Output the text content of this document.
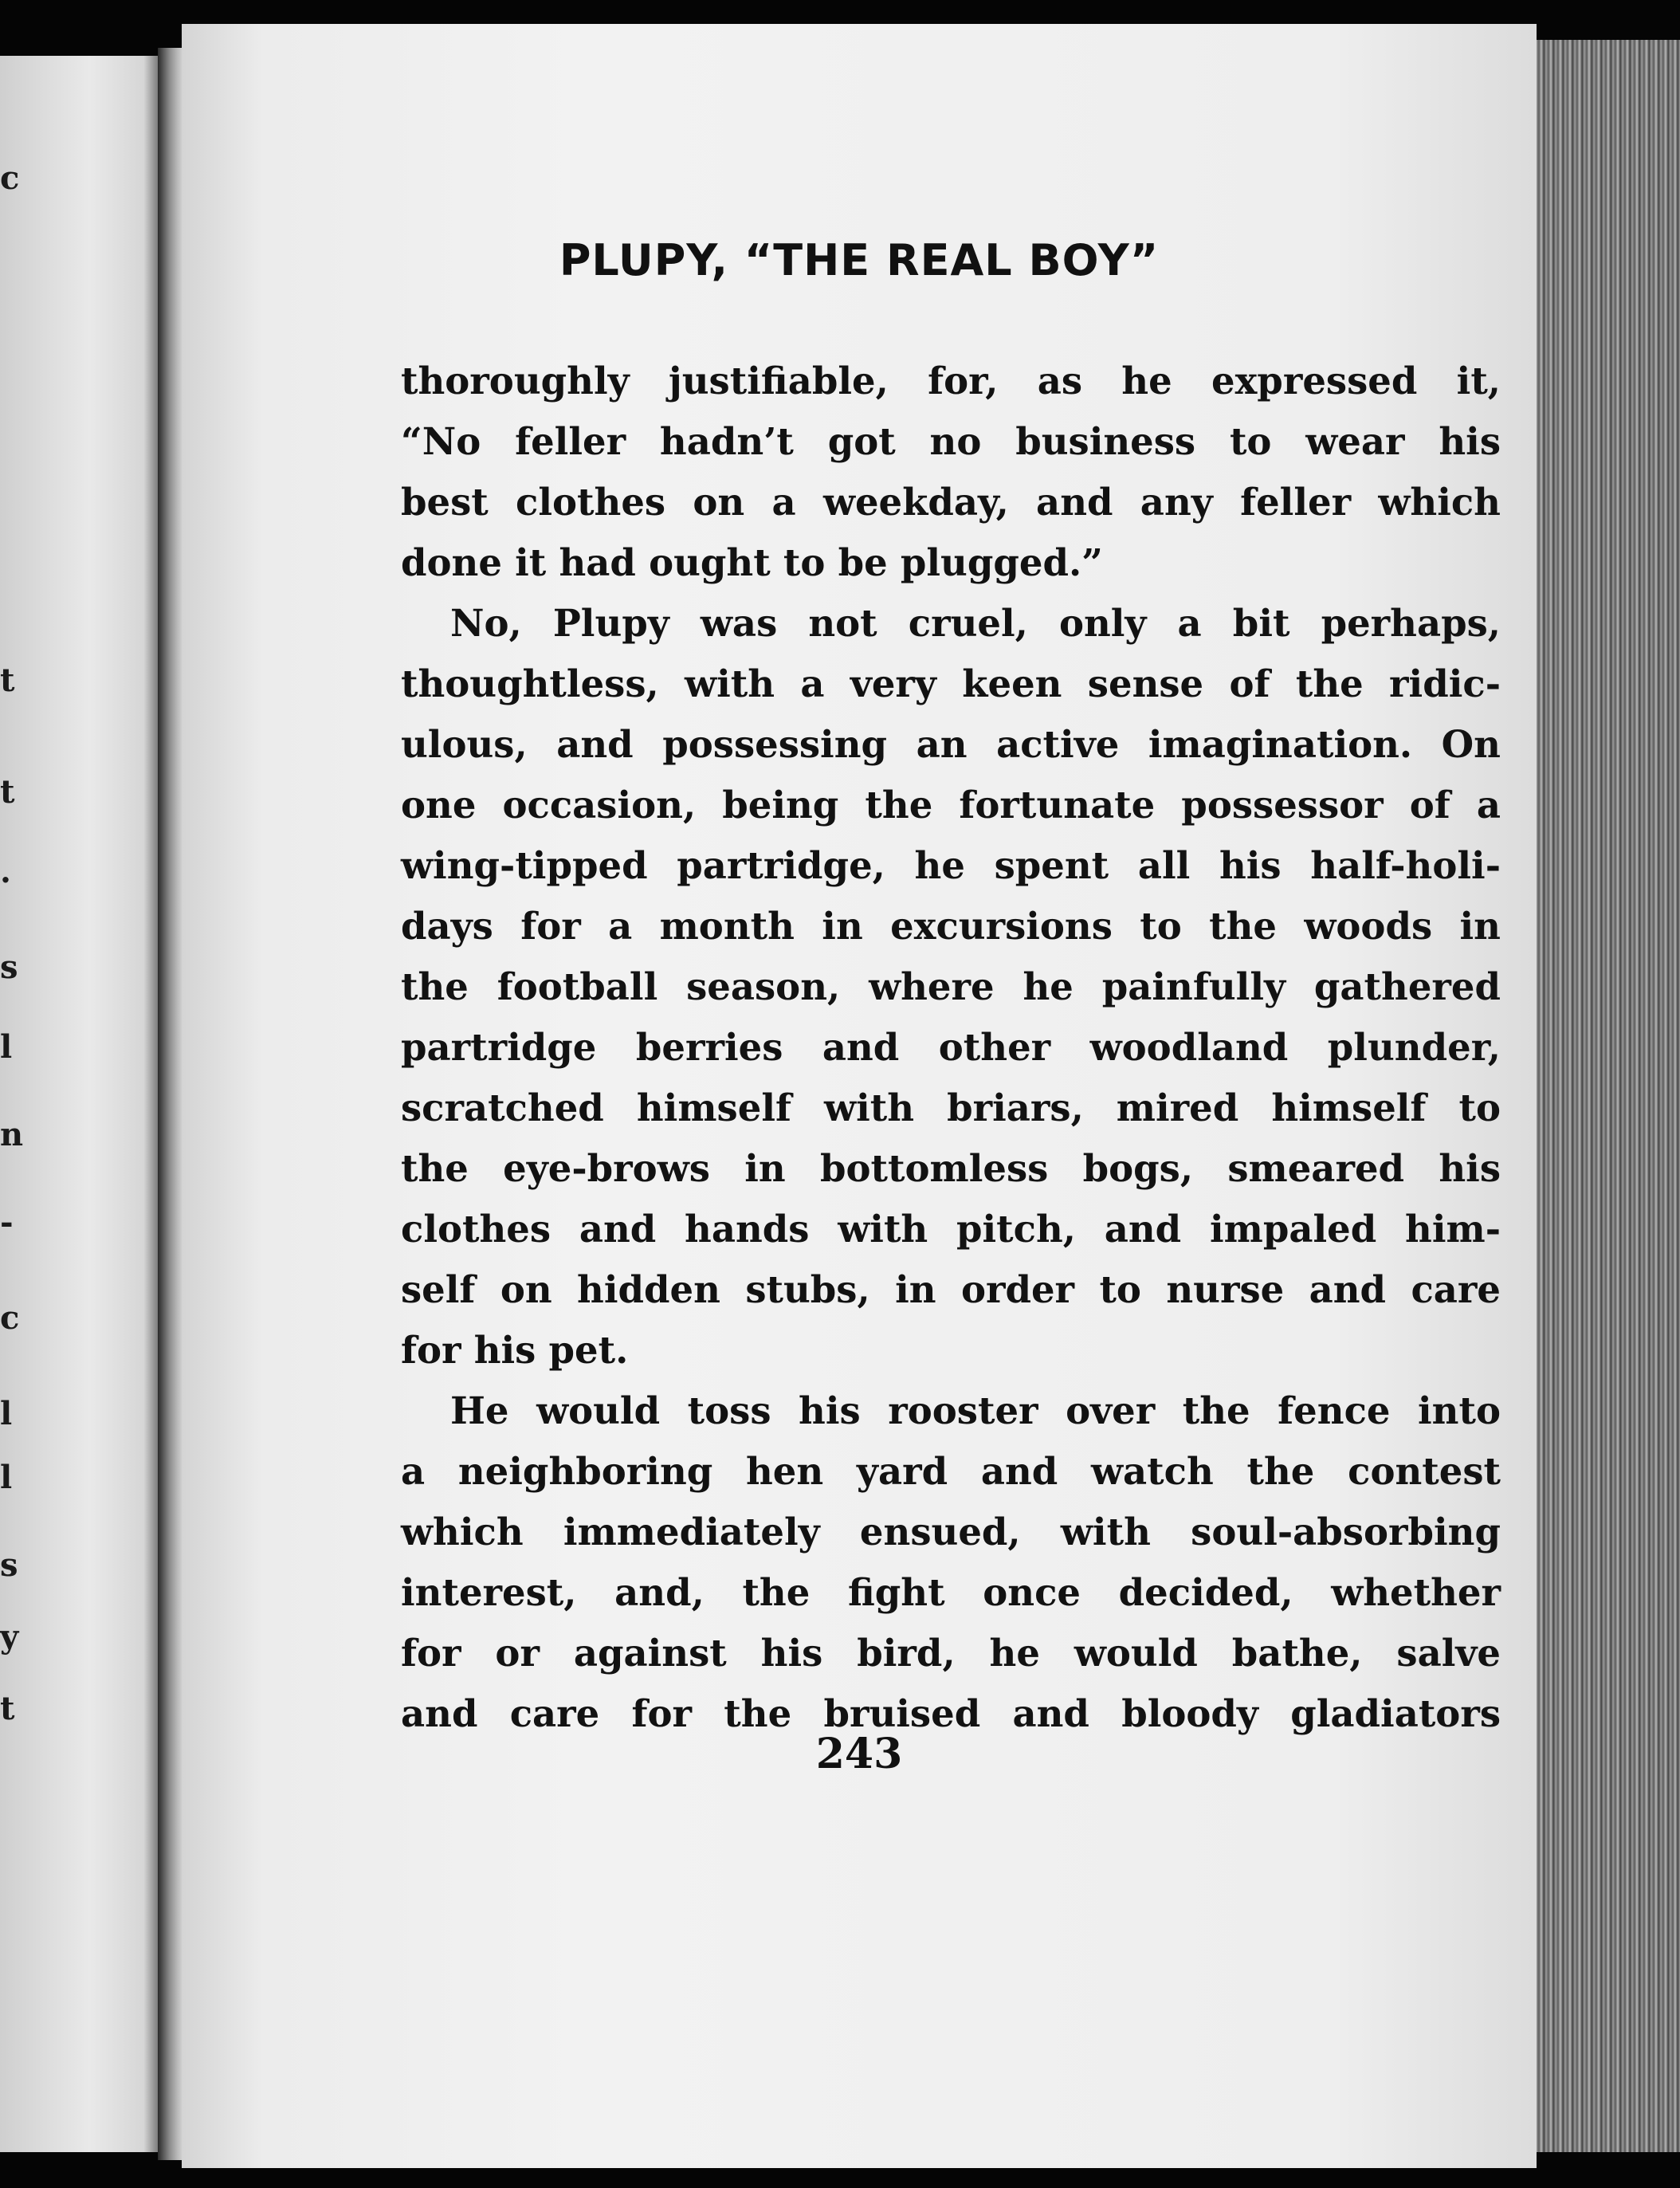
c
t
t
.
s
l
n
-
c
l
l
s
y
t
PLUPY, “THE REAL BOY”
thoroughly justifiable, for, as he expressed it,
“No feller hadn’t got no business to wear his
best clothes on a weekday, and any feller which
done it had ought to be plugged.”
No, Plupy was not cruel, only a bit perhaps,
thoughtless, with a very keen sense of the ridic-
ulous, and possessing an active imagination. On
one occasion, being the fortunate possessor of a
wing-tipped partridge, he spent all his half-holi-
days for a month in excursions to the woods in
the football season, where he painfully gathered
partridge berries and other woodland plunder,
scratched himself with briars, mired himself to
the eye-brows in bottomless bogs, smeared his
clothes and hands with pitch, and impaled him-
self on hidden stubs, in order to nurse and care
for his pet.
He would toss his rooster over the fence into
a neighboring hen yard and watch the contest
which immediately ensued, with soul-absorbing
interest, and, the fight once decided, whether
for or against his bird, he would bathe, salve
and care for the bruised and bloody gladiators
243
